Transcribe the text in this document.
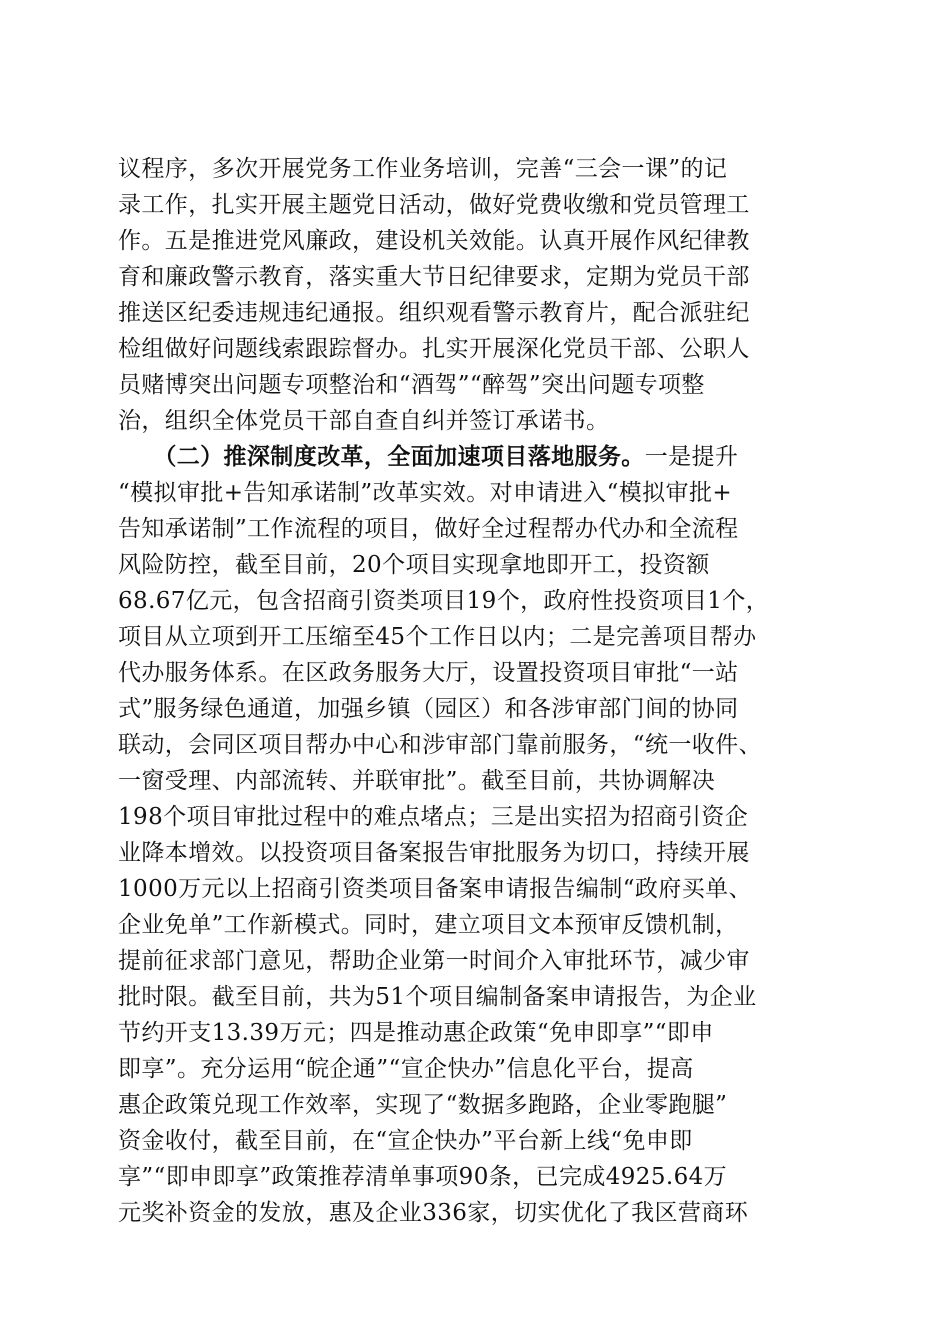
议程序，多次开展党务工作业务培训，完善“三会一课”的记
录工作，扎实开展主题党日活动，做好党费收缴和党员管理工
作。五是推进党风廉政，建设机关效能。认真开展作风纪律教
育和廉政警示教育，落实重大节日纪律要求，定期为党员干部
推送区纪委违规违纪通报。组织观看警示教育片，配合派驻纪
检组做好问题线索跟踪督办。扎实开展深化党员干部、公职人
员赌博突出问题专项整治和“酒驾”“醉驾”突出问题专项整
治，组织全体党员干部自查自纠并签订承诺书。
　　（二）推深制度改革，全面加速项目落地服务。一是提升
“模拟审批+告知承诺制”改革实效。对申请进入“模拟审批+
告知承诺制”工作流程的项目，做好全过程帮办代办和全流程
风险防控，截至目前，20个项目实现拿地即开工，投资额
68.67亿元，包含招商引资类项目19个，政府性投资项目1个，
项目从立项到开工压缩至45个工作日以内；二是完善项目帮办
代办服务体系。在区政务服务大厅，设置投资项目审批“一站
式”服务绿色通道，加强乡镇（园区）和各涉审部门间的协同
联动，会同区项目帮办中心和涉审部门靠前服务，“统一收件、
一窗受理、内部流转、并联审批”。截至目前，共协调解决
198个项目审批过程中的难点堵点；三是出实招为招商引资企
业降本增效。以投资项目备案报告审批服务为切口，持续开展
1000万元以上招商引资类项目备案申请报告编制“政府买单、
企业免单”工作新模式。同时，建立项目文本预审反馈机制，
提前征求部门意见，帮助企业第一时间介入审批环节，减少审
批时限。截至目前，共为51个项目编制备案申请报告，为企业
节约开支13.39万元；四是推动惠企政策“免申即享”“即申
即享”。充分运用“皖企通”“宣企快办”信息化平台，提高
惠企政策兑现工作效率，实现了“数据多跑路，企业零跑腿”
资金收付，截至目前，在“宣企快办”平台新上线“免申即
享”“即申即享”政策推荐清单事项90条，已完成4925.64万
元奖补资金的发放，惠及企业336家，切实优化了我区营商环
